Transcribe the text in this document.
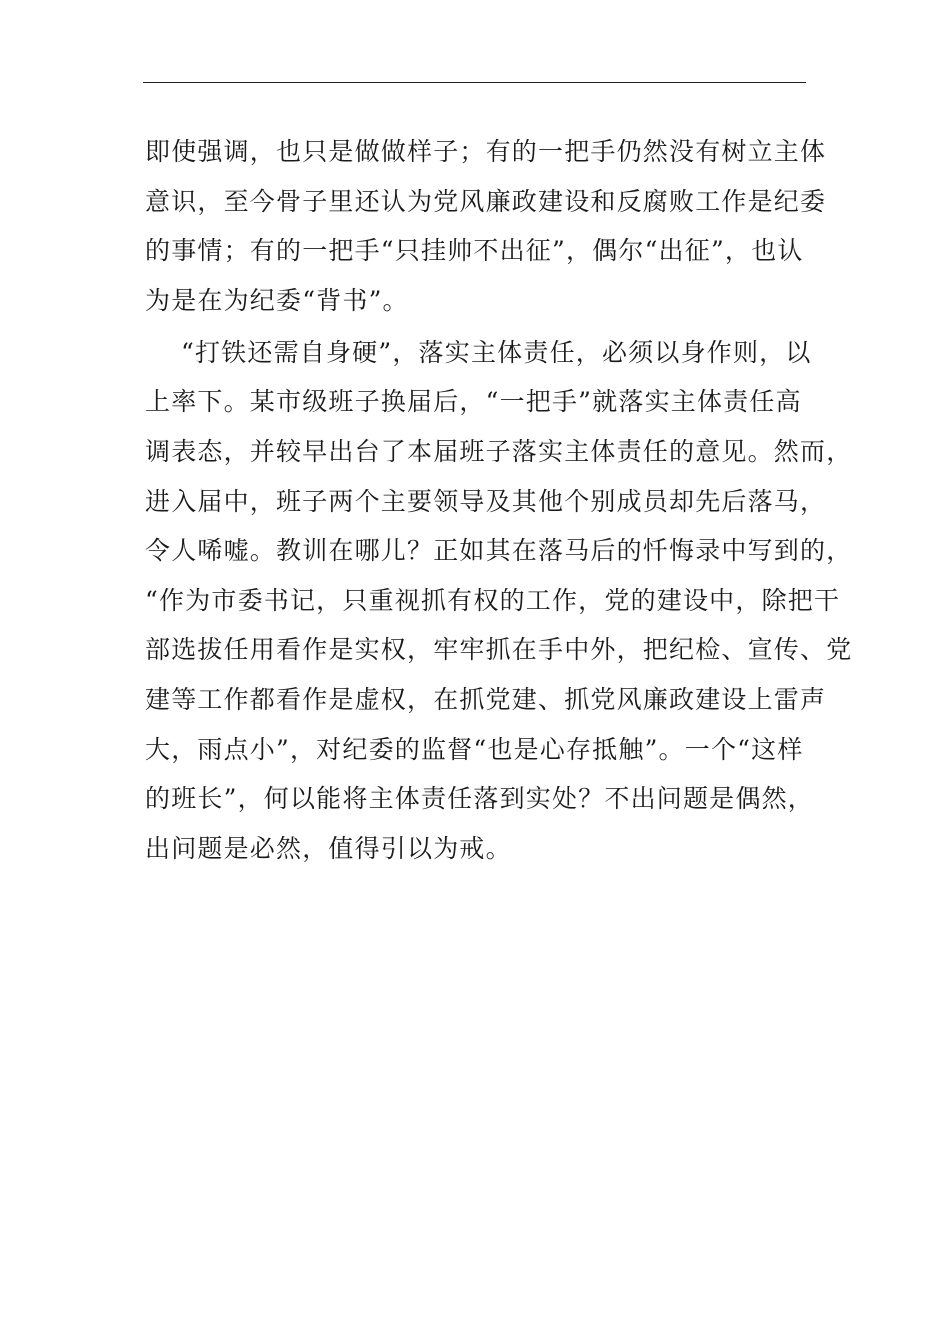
即使强调，也只是做做样子；有的一把手仍然没有树立主体
意识，至今骨子里还认为党风廉政建设和反腐败工作是纪委
的事情；有的一把手“只挂帅不出征”，偶尔“出征”，也认
为是在为纪委“背书”。
“打铁还需自身硬”，落实主体责任，必须以身作则，以
上率下。某市级班子换届后，“一把手”就落实主体责任高
调表态，并较早出台了本届班子落实主体责任的意见。然而，
进入届中，班子两个主要领导及其他个别成员却先后落马，
令人唏嘘。教训在哪儿？正如其在落马后的忏悔录中写到的，
“作为市委书记，只重视抓有权的工作，党的建设中，除把干
部选拔任用看作是实权，牢牢抓在手中外，把纪检、宣传、党
建等工作都看作是虚权，在抓党建、抓党风廉政建设上雷声
大，雨点小”，对纪委的监督“也是心存抵触”。一个“这样
的班长”，何以能将主体责任落到实处？不出问题是偶然，
出问题是必然，值得引以为戒。
